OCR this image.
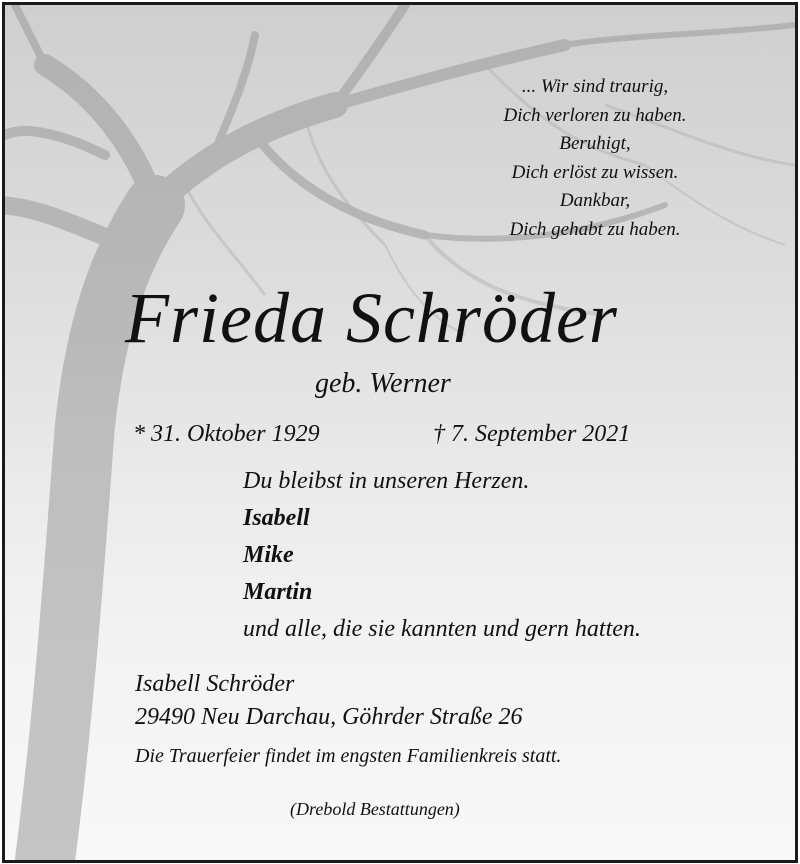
... Wir sind traurig,
Dich verloren zu haben.
Beruhigt,
Dich erlöst zu wissen.
Dankbar,
Dich gehabt zu haben.
Frieda Schröder
geb. Werner
* 31. Oktober 1929	† 7. September 2021
Du bleibst in unseren Herzen.
Isabell
Mike
Martin
und alle, die sie kannten und gern hatten.
Isabell Schröder
29490 Neu Darchau, Göhrder Straße 26
Die Trauerfeier findet im engsten Familienkreis statt.
(Drebold Bestattungen)
